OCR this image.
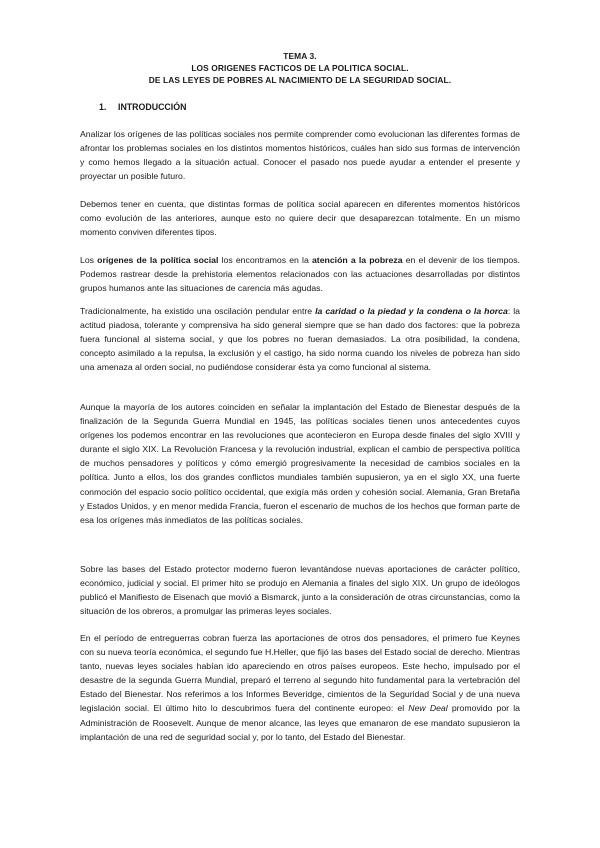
TEMA 3.
LOS ORIGENES FACTICOS DE LA POLITICA SOCIAL.
DE LAS LEYES DE POBRES AL NACIMIENTO DE LA SEGURIDAD SOCIAL.
1. INTRODUCCIÓN

Analizar los orígenes de las políticas sociales nos permite comprender como evolucionan las diferentes formas de afrontar los problemas sociales en los distintos momentos históricos, cuáles han sido sus formas de intervención y como hemos llegado a la situación actual. Conocer el pasado nos puede ayudar a entender el presente y proyectar un posible futuro.

Debemos tener en cuenta, que distintas formas de política social aparecen en diferentes momentos históricos como evolución de las anteriores, aunque esto no quiere decir que desaparezcan totalmente. En un mismo momento conviven diferentes tipos.

Los orígenes de la política social los encontramos en la atención a la pobreza en el devenir de los tiempos. Podemos rastrear desde la prehistoria elementos relacionados con las actuaciones desarrolladas por distintos grupos humanos ante las situaciones de carencia más agudas.

Tradicionalmente, ha existido una oscilación pendular entre la caridad o la piedad y la condena o la horca: la actitud piadosa, tolerante y comprensiva ha sido general siempre que se han dado dos factores: que la pobreza fuera funcional al sistema social, y que los pobres no fueran demasiados. La otra posibilidad, la condena, concepto asimilado a la repulsa, la exclusión y el castigo, ha sido norma cuando los niveles de pobreza han sido una amenaza al orden social, no pudiéndose considerar ésta ya como funcional al sistema.

Aunque la mayoría de los autores coinciden en señalar la implantación del Estado de Bienestar después de la finalización de la Segunda Guerra Mundial en 1945, las políticas sociales tienen unos antecedentes cuyos orígenes los podemos encontrar en las revoluciones que acontecieron en Europa desde finales del siglo XVIII y durante el siglo XIX. La Revolución Francesa y la revolución industrial, explican el cambio de perspectiva política de muchos pensadores y políticos y cómo emergió progresivamente la necesidad de cambios sociales en la política. Junto a ellos, los dos grandes conflictos mundiales también supusieron, ya en el siglo XX, una fuerte conmoción del espacio socio político occidental, que exigía más orden y cohesión social. Alemania, Gran Bretaña y Estados Unidos, y en menor medida Francia, fueron el escenario de muchos de los hechos que forman parte de esa los orígenes más inmediatos de las políticas sociales.

Sobre las bases del Estado protector moderno fueron levantándose nuevas aportaciones de carácter político, económico, judicial y social. El primer hito se produjo en Alemania a finales del siglo XIX. Un grupo de ideólogos publicó el Manifiesto de Eisenach que movió a Bismarck, junto a la consideración de otras circunstancias, como la situación de los obreros, a promulgar las primeras leyes sociales.

En el período de entreguerras cobran fuerza las aportaciones de otros dos pensadores, el primero fue Keynes con su nueva teoría económica, el segundo fue H.Heller, que fijó las bases del Estado social de derecho. Mientras tanto, nuevas leyes sociales habían ido apareciendo en otros países europeos. Este hecho, impulsado por el desastre de la segunda Guerra Mundial, preparó el terreno al segundo hito fundamental para la vertebración del Estado del Bienestar. Nos referimos a los Informes Beveridge, cimientos de la Seguridad Social y de una nueva legislación social. El último hito lo descubrimos fuera del continente europeo: el New Deal promovido por la Administración de Roosevelt. Aunque de menor alcance, las leyes que emanaron de ese mandato supusieron la implantación de una red de seguridad social y, por lo tanto, del Estado del Bienestar.
